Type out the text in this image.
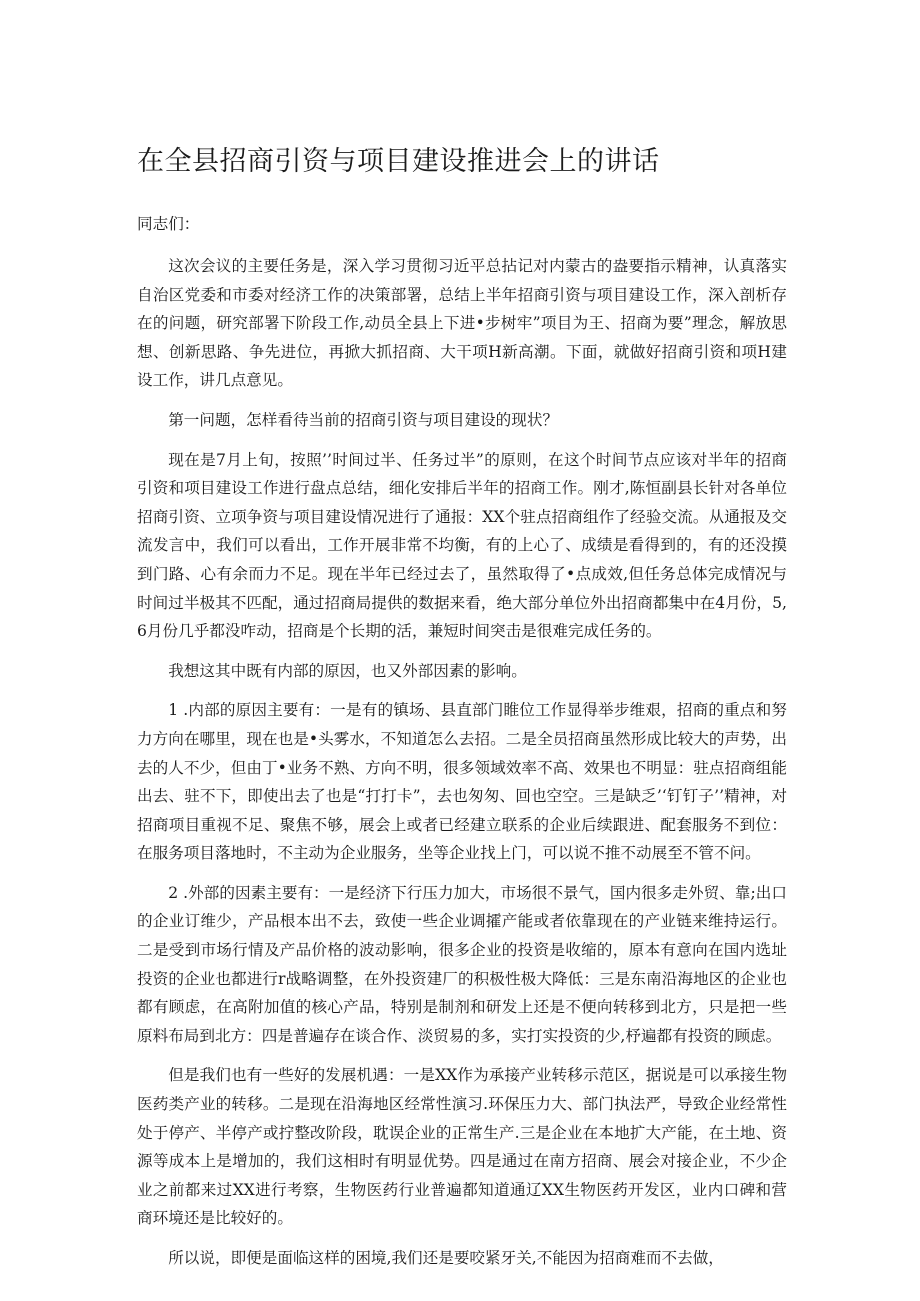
在全县招商引资与项目建设推进会上的讲话

同志们：

这次会议的主要任务是，深入学习贯彻习近平总拈记对内蒙古的盎要指示精神，认真落实自治区党委和市委对经济工作的决策部署，总结上半年招商引资与项目建设工作，深入剖析存在的问题，研究部署下阶段工作,动员全县上下进•步树牢”项目为王、招商为要”理念，解放思想、创新思路、争先进位，再掀大抓招商、大干项H新高潮。下面，就做好招商引资和项H建设工作，讲几点意见。

第一问题，怎样看待当前的招商引资与项目建设的现状？

现在是7月上旬，按照’’时间过半、任务过半”的原则，在这个时间节点应该对半年的招商引资和项目建设工作进行盘点总结，细化安排后半年的招商工作。刚才,陈恒副县长针对各单位招商引资、立项争资与项目建设情况进行了通报：XX个驻点招商组作了经验交流。从通报及交流发言中，我们可以看出，工作开展非常不均衡，有的上心了、成绩是看得到的，有的还没摸到门路、心有余而力不足。现在半年已经过去了，虽然取得了•点成效,但任务总体完成情况与时间过半极其不匹配，通过招商局提供的数据来看，绝大部分单位外出招商都集中在4月份，5,6月份几乎都没咋动，招商是个长期的活，兼短时间突击是很难完成任务的。

我想这其中既有内部的原因，也又外部因素的影响。

1 .内部的原因主要有：一是有的镇场、县直部门睢位工作显得举步维艰，招商的重点和努力方向在哪里，现在也是•头雾水，不知道怎么去招。二是全员招商虽然形成比较大的声势，出去的人不少，但由丁•业务不熟、方向不明，很多领域效率不高、效果也不明显：驻点招商组能出去、驻不下，即使出去了也是“打打卡”，去也匆匆、回也空空。三是缺乏’‘钉钉子’’精神，对招商项目重视不足、聚焦不够，展会上或者已经建立联系的企业后续跟进、配套服务不到位：在服务项目落地时，不主动为企业服务，坐等企业找上门，可以说不推不动展至不管不问。

2 .外部的因素主要有：一是经济下行压力加大，市场很不景气，国内很多走外贸、靠;出口的企业订维少，产品根本出不去，致使一些企业调攉产能或者依靠现在的产业链来维持运行。二是受到市场行情及产品价格的波动影响，很多企业的投资是收缩的，原本有意向在国内选址投资的企业也都进行r战略调整，在外投资建厂的积极性极大降低：三是东南沿海地区的企业也都有顾虑，在高附加值的核心产品，特别是制剂和研发上还是不便向转移到北方，只是把一些原料布局到北方：四是普遍存在谈合作、淡贸易的多，实打实投资的少,杼遍都有投资的顾虑。

但是我们也有一些好的发展机遇：一是XX作为承接产业转移示范区，据说是可以承接生物医药类产业的转移。二是现在沿海地区经常性演习.环保压力大、部门执法严，导致企业经常性处于停产、半停产或拧整改阶段，耽误企业的正常生产.三是企业在本地扩大产能，在土地、资源等成本上是增加的，我们这相时有明显优势。四是通过在南方招商、展会对接企业，不少企业之前都来过XX进行考察，生物医药行业普遍都知道通辽XX生物医药开发区，业内口碑和营商环境还是比较好的。

所以说，即便是面临这样的困境,我们还是要咬紧牙关,不能因为招商难而不去做，
